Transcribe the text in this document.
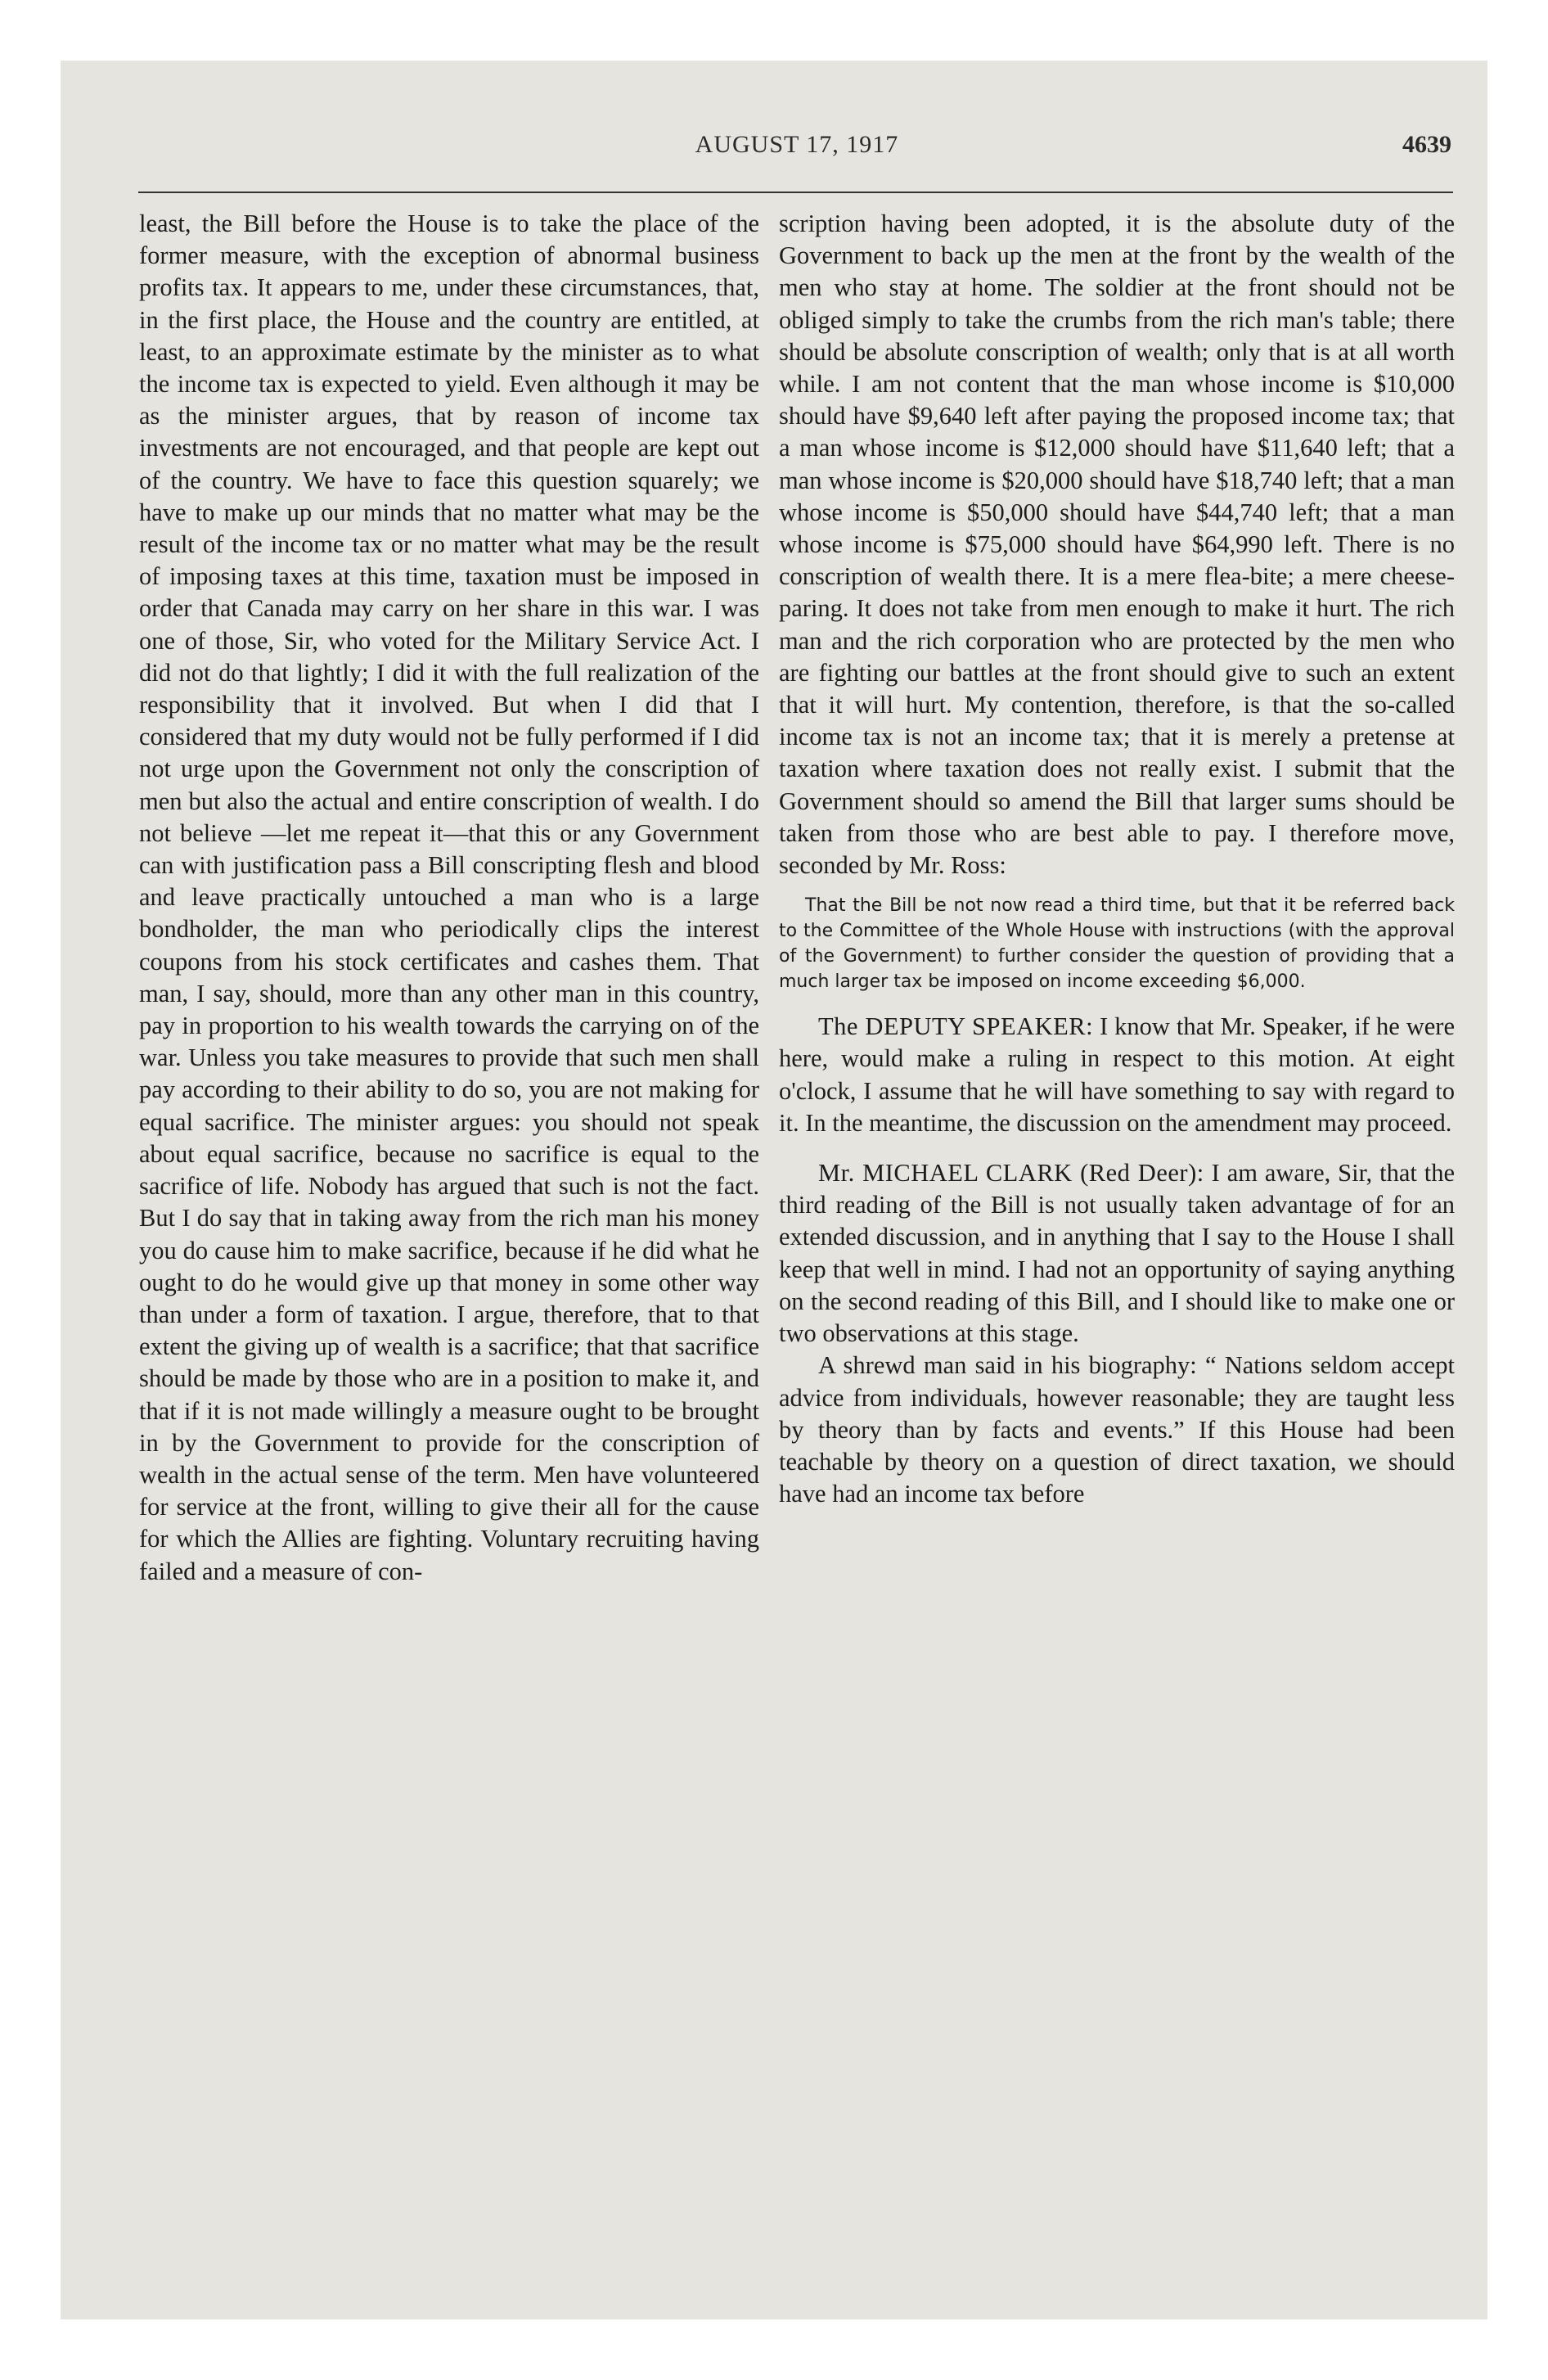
AUGUST 17, 1917	4639

least, the Bill before the House is to take the place of the former measure, with the exception of abnormal business profits tax. It appears to me, under these circumstances, that, in the first place, the House and the country are entitled, at least, to an approximate estimate by the minister as to what the income tax is expected to yield. Even although it may be as the minister argues, that by reason of income tax investments are not encouraged, and that people are kept out of the country. We have to face this question squarely; we have to make up our minds that no matter what may be the result of the income tax or no matter what may be the result of imposing taxes at this time, taxation must be imposed in order that Canada may carry on her share in this war. I was one of those, Sir, who voted for the Military Service Act. I did not do that lightly; I did it with the full realization of the responsibility that it involved. But when I did that I considered that my duty would not be fully performed if I did not urge upon the Government not only the conscription of men but also the actual and entire conscription of wealth. I do not believe —let me repeat it—that this or any Government can with justification pass a Bill conscripting flesh and blood and leave practically untouched a man who is a large bondholder, the man who periodically clips the interest coupons from his stock certificates and cashes them. That man, I say, should, more than any other man in this country, pay in proportion to his wealth towards the carrying on of the war. Unless you take measures to provide that such men shall pay according to their ability to do so, you are not making for equal sacrifice. The minister argues: you should not speak about equal sacrifice, because no sacrifice is equal to the sacrifice of life. Nobody has argued that such is not the fact. But I do say that in taking away from the rich man his money you do cause him to make sacrifice, because if he did what he ought to do he would give up that money in some other way than under a form of taxation. I argue, therefore, that to that extent the giving up of wealth is a sacrifice; that that sacrifice should be made by those who are in a position to make it, and that if it is not made willingly a measure ought to be brought in by the Government to provide for the conscription of wealth in the actual sense of the term. Men have volunteered for service at the front, willing to give their all for the cause for which the Allies are fighting. Voluntary recruiting having failed and a measure of con-

scription having been adopted, it is the absolute duty of the Government to back up the men at the front by the wealth of the men who stay at home. The soldier at the front should not be obliged simply to take the crumbs from the rich man's table; there should be absolute conscription of wealth; only that is at all worth while. I am not content that the man whose income is $10,000 should have $9,640 left after paying the proposed income tax; that a man whose income is $12,000 should have $11,640 left; that a man whose income is $20,000 should have $18,740 left; that a man whose income is $50,000 should have $44,740 left; that a man whose income is $75,000 should have $64,990 left. There is no conscription of wealth there. It is a mere flea-bite; a mere cheese-paring. It does not take from men enough to make it hurt. The rich man and the rich corporation who are protected by the men who are fighting our battles at the front should give to such an extent that it will hurt. My contention, therefore, is that the so-called income tax is not an income tax; that it is merely a pretense at taxation where taxation does not really exist. I submit that the Government should so amend the Bill that larger sums should be taken from those who are best able to pay. I therefore move, seconded by Mr. Ross:

That the Bill be not now read a third time, but that it be referred back to the Committee of the Whole House with instructions (with the approval of the Government) to further consider the question of providing that a much larger tax be imposed on income exceeding $6,000.

The DEPUTY SPEAKER: I know that Mr. Speaker, if he were here, would make a ruling in respect to this motion. At eight o'clock, I assume that he will have something to say with regard to it. In the meantime, the discussion on the amendment may proceed.

Mr. MICHAEL CLARK (Red Deer): I am aware, Sir, that the third reading of the Bill is not usually taken advantage of for an extended discussion, and in anything that I say to the House I shall keep that well in mind. I had not an opportunity of saying anything on the second reading of this Bill, and I should like to make one or two observations at this stage.

A shrewd man said in his biography: “ Nations seldom accept advice from individuals, however reasonable; they are taught less by theory than by facts and events.” If this House had been teachable by theory on a question of direct taxation, we should have had an income tax before
